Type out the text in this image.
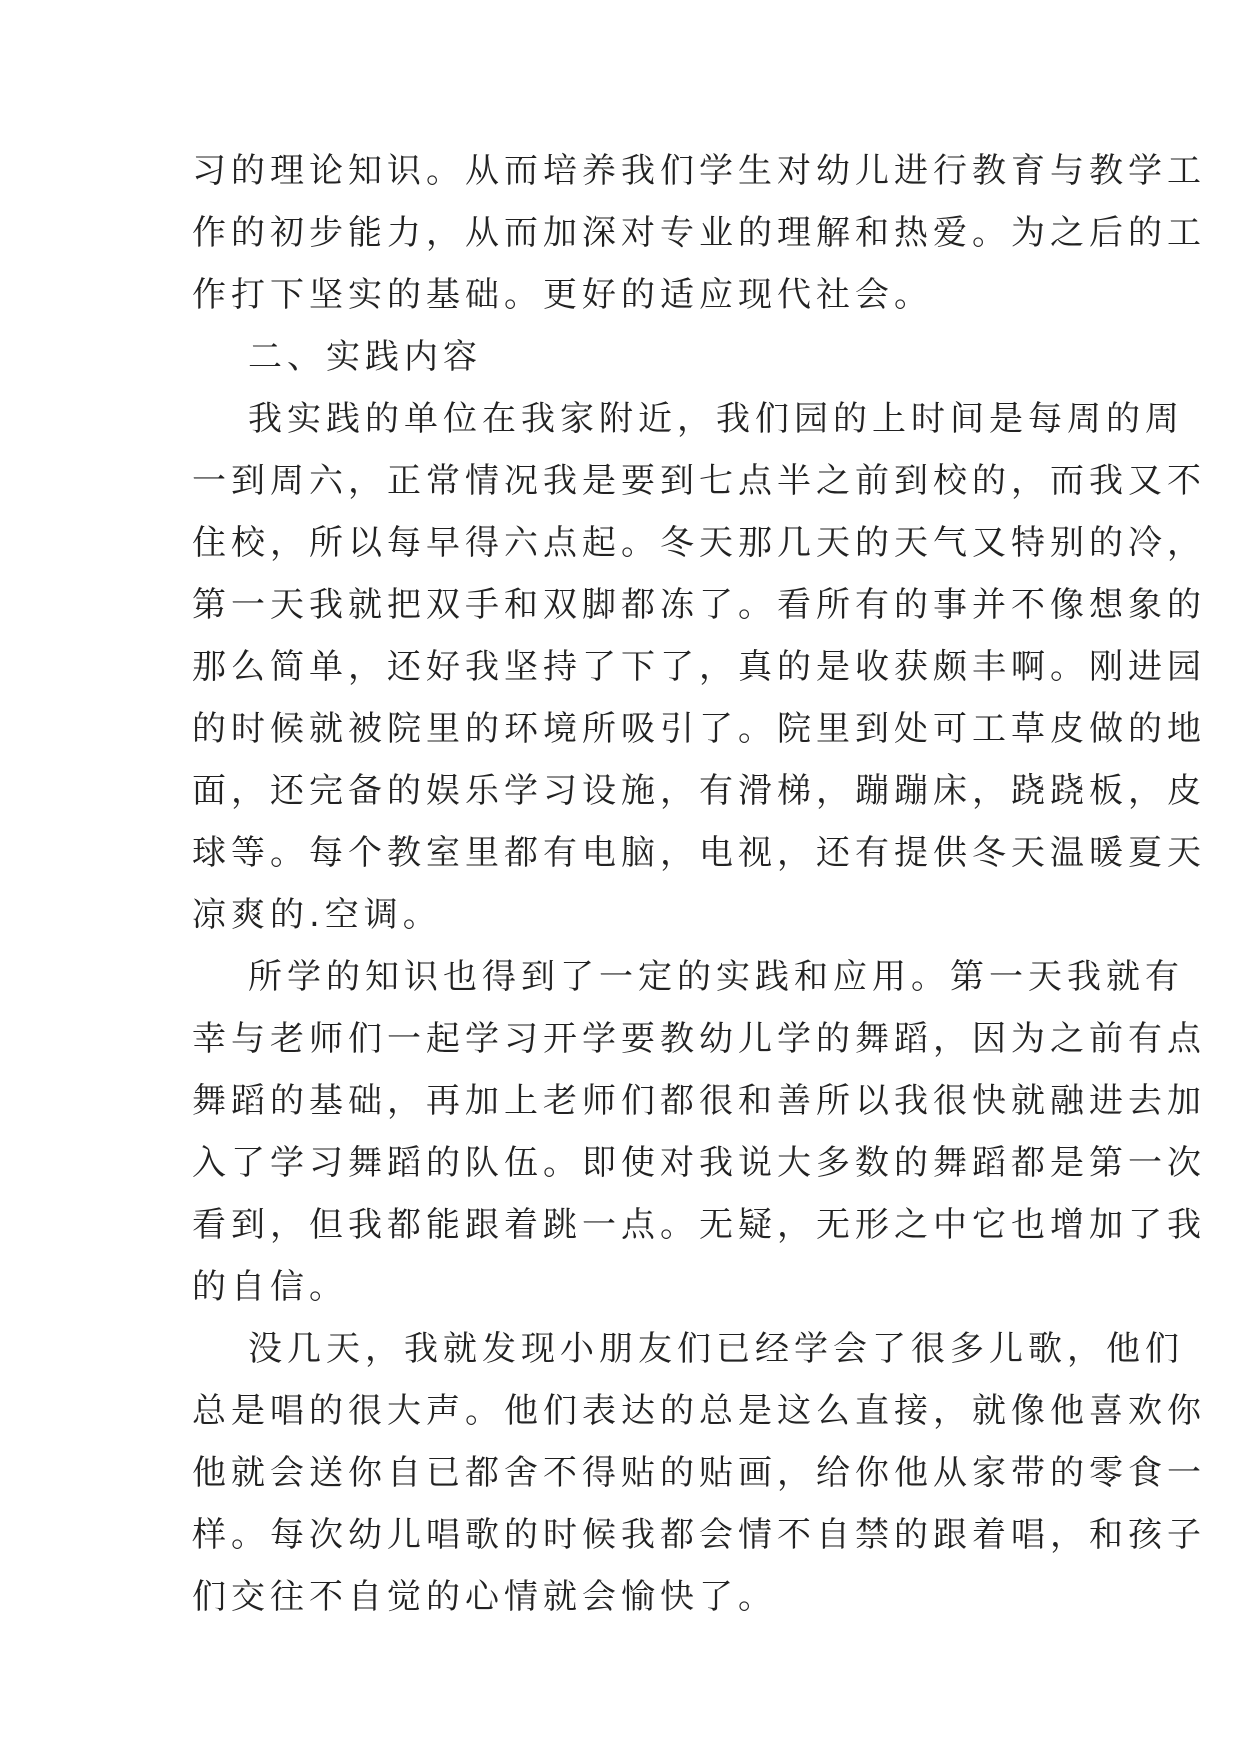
习的理论知识。从而培养我们学生对幼儿进行教育与教学工
作的初步能力，从而加深对专业的理解和热爱。为之后的工
作打下坚实的基础。更好的适应现代社会。
二、实践内容
我实践的单位在我家附近，我们园的上时间是每周的周
一到周六，正常情况我是要到七点半之前到校的，而我又不
住校，所以每早得六点起。冬天那几天的天气又特别的冷，
第一天我就把双手和双脚都冻了。看所有的事并不像想象的
那么简单，还好我坚持了下了，真的是收获颇丰啊。刚进园
的时候就被院里的环境所吸引了。院里到处可工草皮做的地
面，还完备的娱乐学习设施，有滑梯，蹦蹦床，跷跷板，皮
球等。每个教室里都有电脑，电视，还有提供冬天温暖夏天
凉爽的.空调。
所学的知识也得到了一定的实践和应用。第一天我就有
幸与老师们一起学习开学要教幼儿学的舞蹈，因为之前有点
舞蹈的基础，再加上老师们都很和善所以我很快就融进去加
入了学习舞蹈的队伍。即使对我说大多数的舞蹈都是第一次
看到，但我都能跟着跳一点。无疑，无形之中它也增加了我
的自信。
没几天，我就发现小朋友们已经学会了很多儿歌，他们
总是唱的很大声。他们表达的总是这么直接，就像他喜欢你
他就会送你自已都舍不得贴的贴画，给你他从家带的零食一
样。每次幼儿唱歌的时候我都会情不自禁的跟着唱，和孩子
们交往不自觉的心情就会愉快了。
